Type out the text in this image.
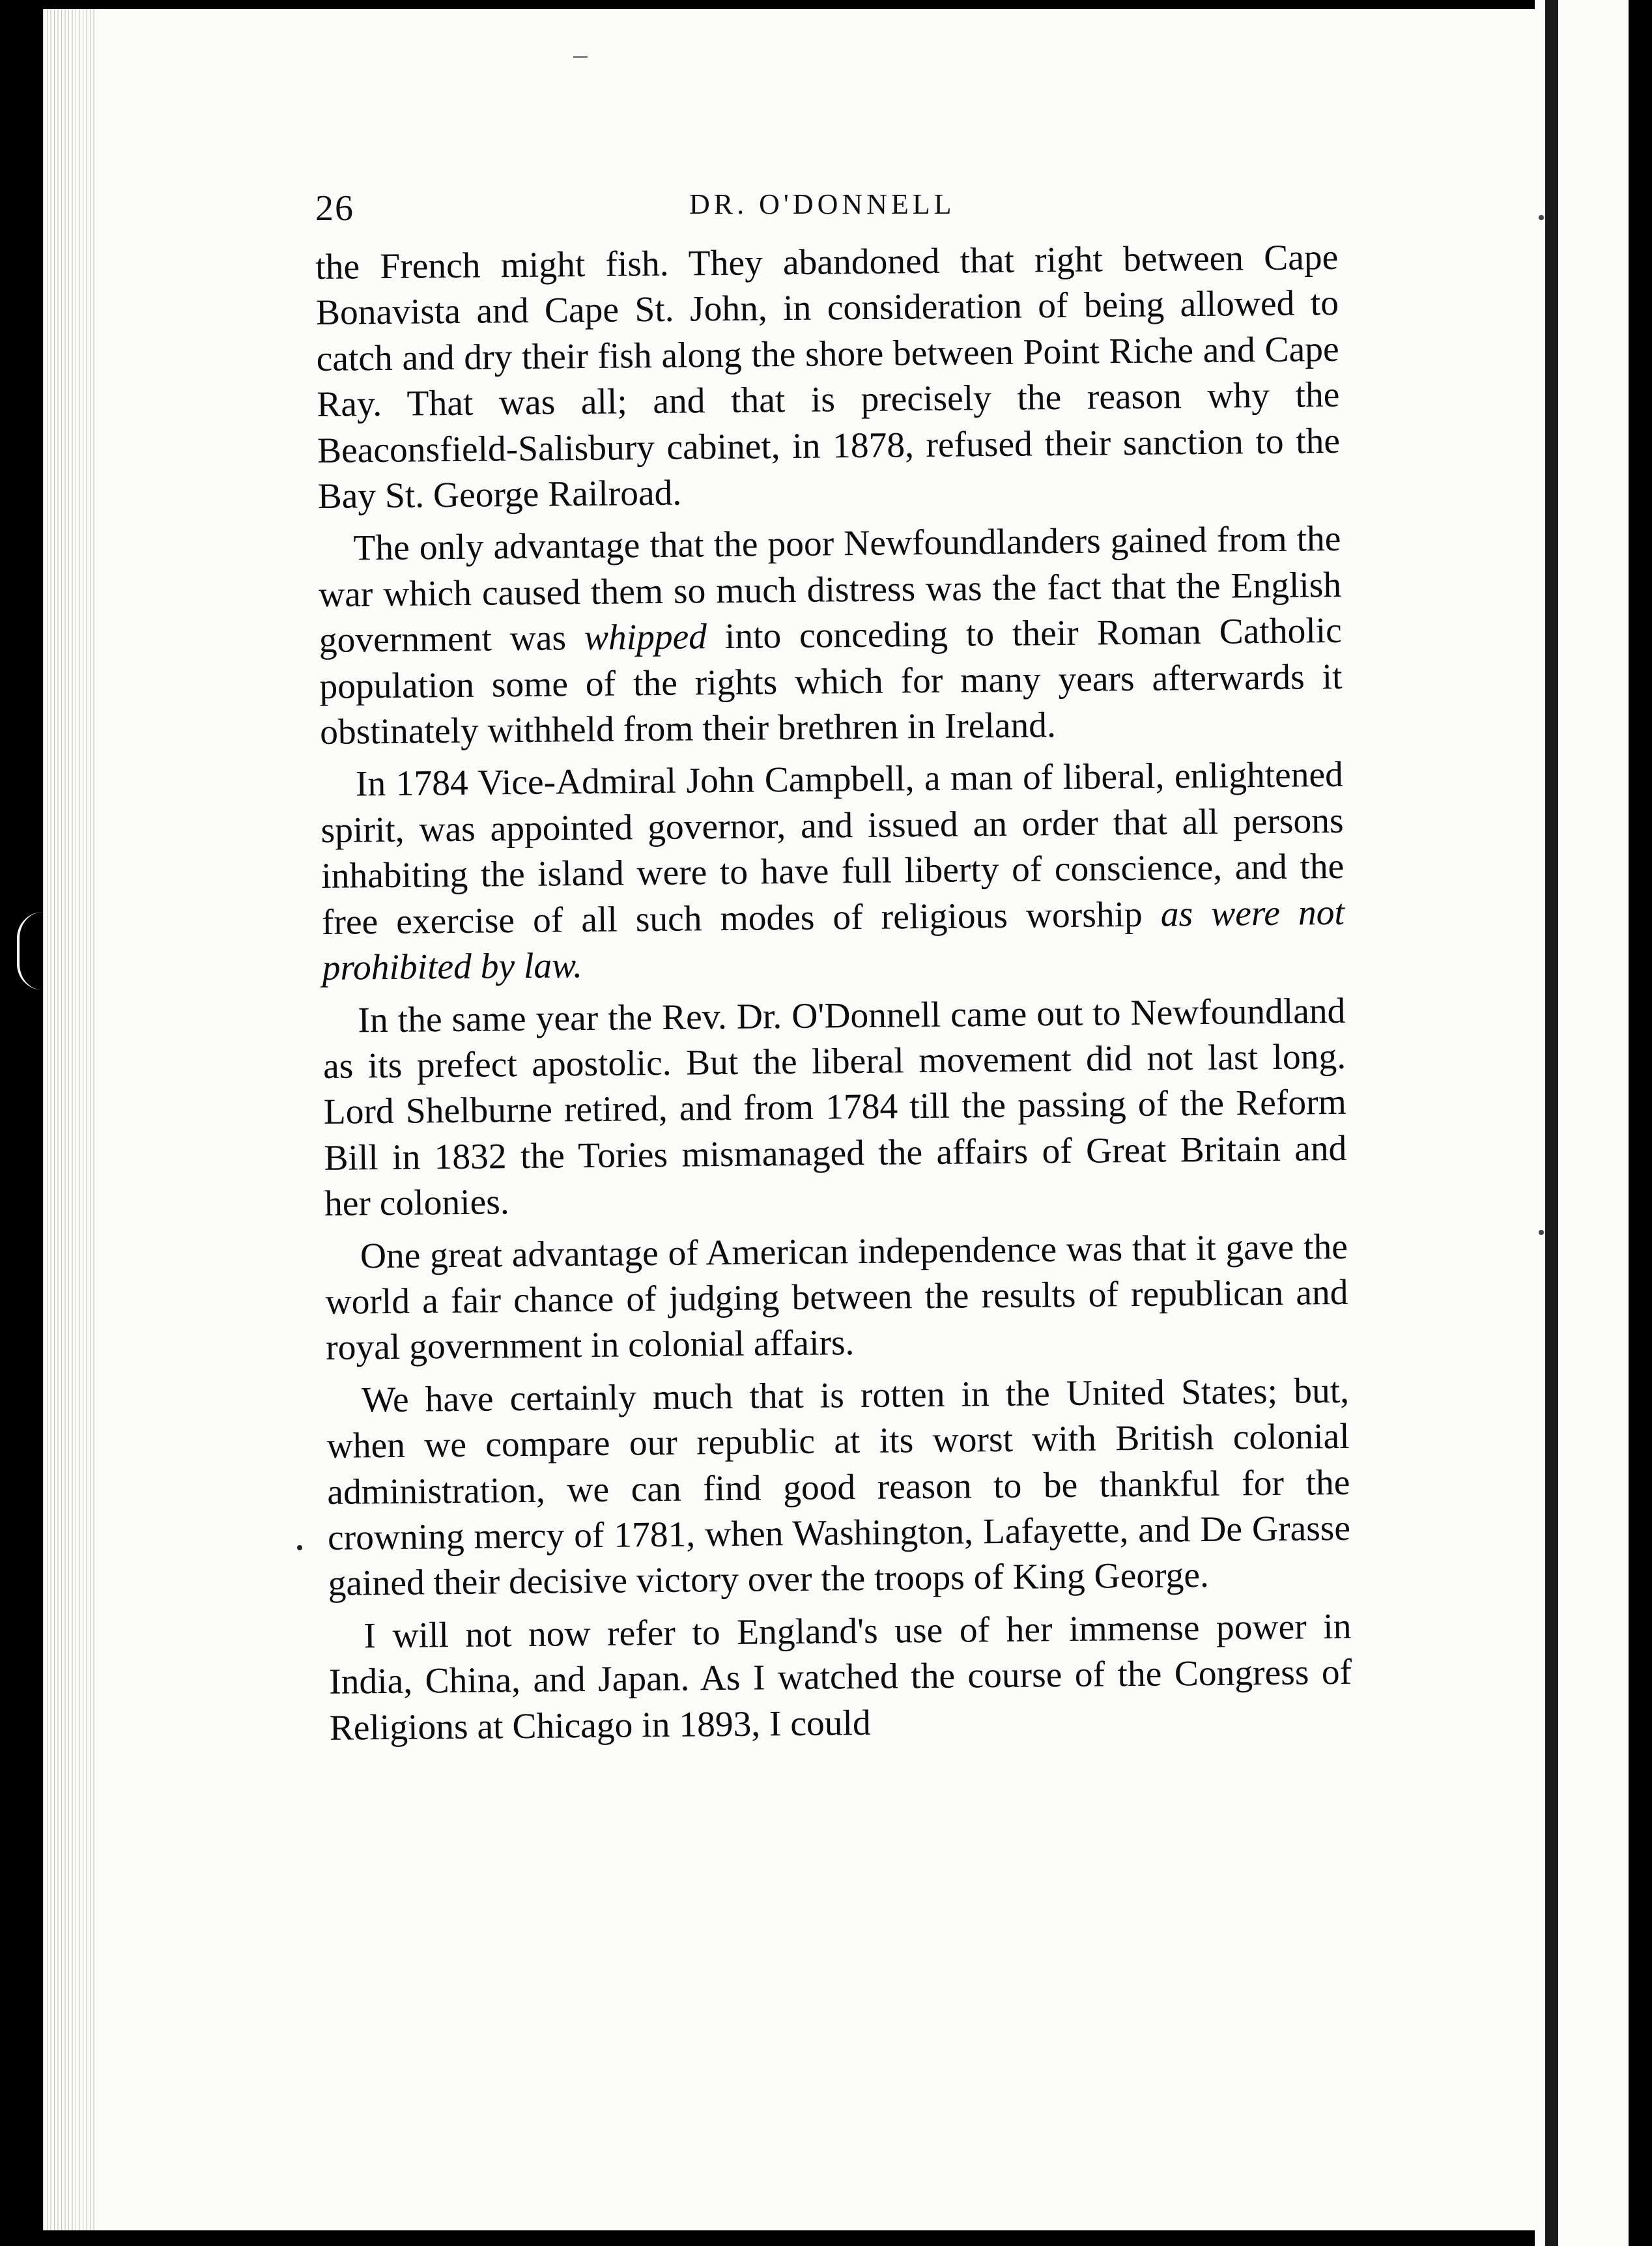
26	DR. O'DONNELL

the French might fish. They abandoned that right between Cape Bonavista and Cape St. John, in consideration of being allowed to catch and dry their fish along the shore between Point Riche and Cape Ray. That was all; and that is precisely the reason why the Beaconsfield-Salisbury cabinet, in 1878, refused their sanction to the Bay St. George Railroad.

The only advantage that the poor Newfoundlanders gained from the war which caused them so much distress was the fact that the English government was whipped into conceding to their Roman Catholic population some of the rights which for many years afterwards it obstinately withheld from their brethren in Ireland.

In 1784 Vice-Admiral John Campbell, a man of liberal, enlightened spirit, was appointed governor, and issued an order that all persons inhabiting the island were to have full liberty of conscience, and the free exercise of all such modes of religious worship as were not prohibited by law.

In the same year the Rev. Dr. O'Donnell came out to Newfoundland as its prefect apostolic. But the liberal movement did not last long. Lord Shelburne retired, and from 1784 till the passing of the Reform Bill in 1832 the Tories mismanaged the affairs of Great Britain and her colonies.

One great advantage of American independence was that it gave the world a fair chance of judging between the results of republican and royal government in colonial affairs.

We have certainly much that is rotten in the United States; but, when we compare our republic at its worst with British colonial administration, we can find good reason to be thankful for the crowning mercy of 1781, when Washington, Lafayette, and De Grasse gained their decisive victory over the troops of King George.

I will not now refer to England's use of her immense power in India, China, and Japan. As I watched the course of the Congress of Religions at Chicago in 1893, I could
